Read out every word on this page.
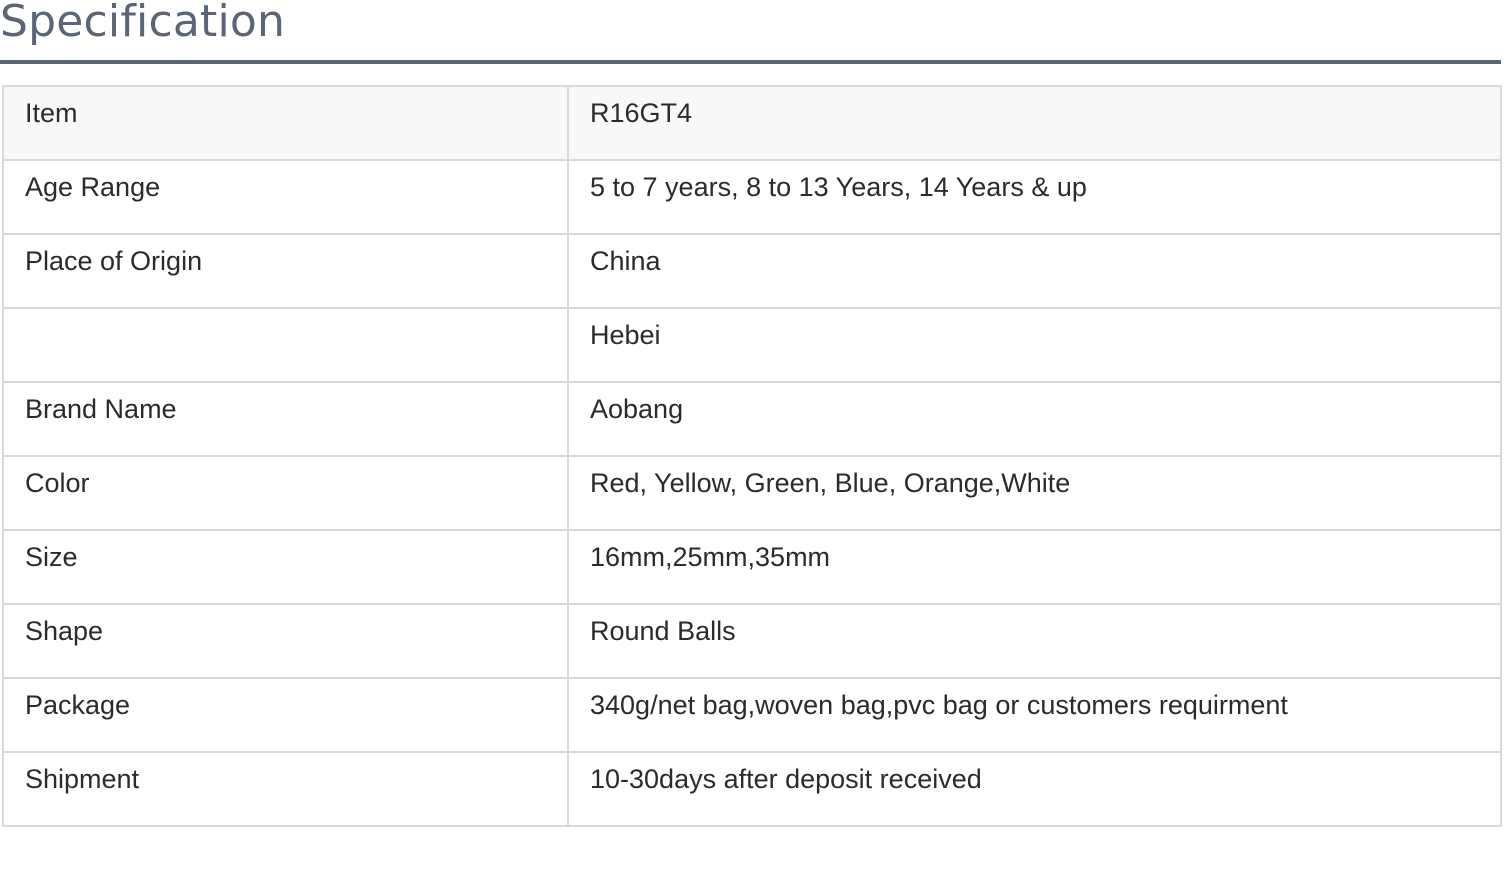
Specification
Item	R16GT4
Age Range	5 to 7 years, 8 to 13 Years, 14 Years & up
Place of Origin	China
	Hebei
Brand Name	Aobang
Color	Red, Yellow, Green, Blue, Orange,White
Size	16mm,25mm,35mm
Shape	Round Balls
Package	340g/net bag,woven bag,pvc bag or customers requirment
Shipment	10-30days after deposit received
